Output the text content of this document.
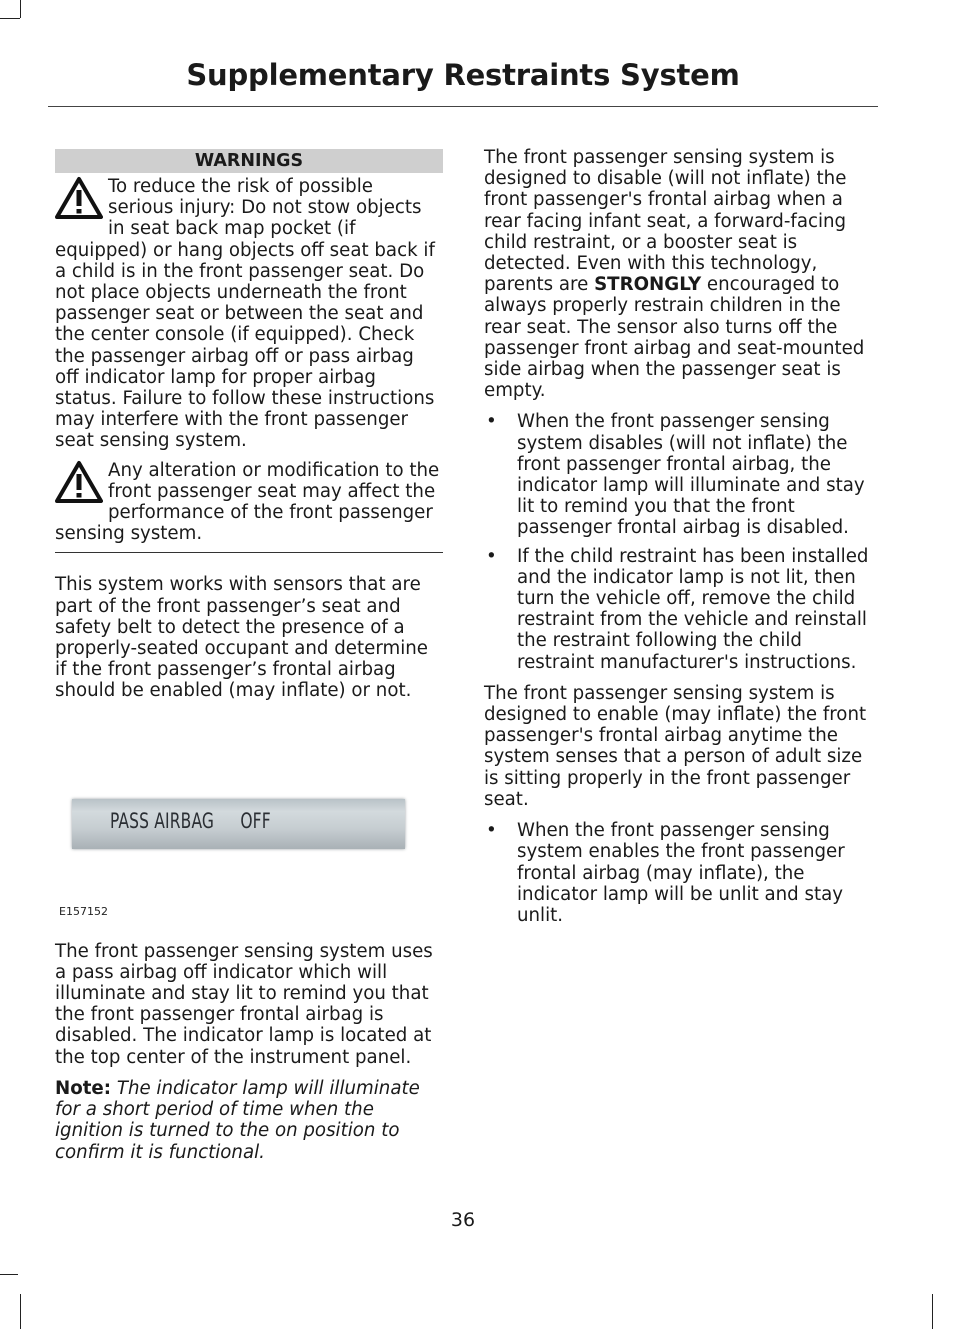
Supplementary Restraints System
WARNINGS
To reduce the risk of possible serious injury: Do not stow objects in seat back map pocket (if equipped) or hang objects off seat back if a child is in the front passenger seat. Do not place objects underneath the front passenger seat or between the seat and the center console (if equipped). Check the passenger airbag off or pass airbag off indicator lamp for proper airbag status. Failure to follow these instructions may interfere with the front passenger seat sensing system.
Any alteration or modification to the front passenger seat may affect the performance of the front passenger sensing system.

This system works with sensors that are part of the front passenger’s seat and safety belt to detect the presence of a properly-seated occupant and determine if the front passenger’s frontal airbag should be enabled (may inflate) or not.

PASS AIRBAG OFF
E157152

The front passenger sensing system uses a pass airbag off indicator which will illuminate and stay lit to remind you that the front passenger frontal airbag is disabled. The indicator lamp is located at the top center of the instrument panel.

Note: The indicator lamp will illuminate for a short period of time when the ignition is turned to the on position to confirm it is functional.

The front passenger sensing system is designed to disable (will not inflate) the front passenger's frontal airbag when a rear facing infant seat, a forward-facing child restraint, or a booster seat is detected. Even with this technology, parents are STRONGLY encouraged to always properly restrain children in the rear seat. The sensor also turns off the passenger front airbag and seat-mounted side airbag when the passenger seat is empty.

• When the front passenger sensing system disables (will not inflate) the front passenger frontal airbag, the indicator lamp will illuminate and stay lit to remind you that the front passenger frontal airbag is disabled.
• If the child restraint has been installed and the indicator lamp is not lit, then turn the vehicle off, remove the child restraint from the vehicle and reinstall the restraint following the child restraint manufacturer's instructions.

The front passenger sensing system is designed to enable (may inflate) the front passenger's frontal airbag anytime the system senses that a person of adult size is sitting properly in the front passenger seat.

• When the front passenger sensing system enables the front passenger frontal airbag (may inflate), the indicator lamp will be unlit and stay unlit.
36
